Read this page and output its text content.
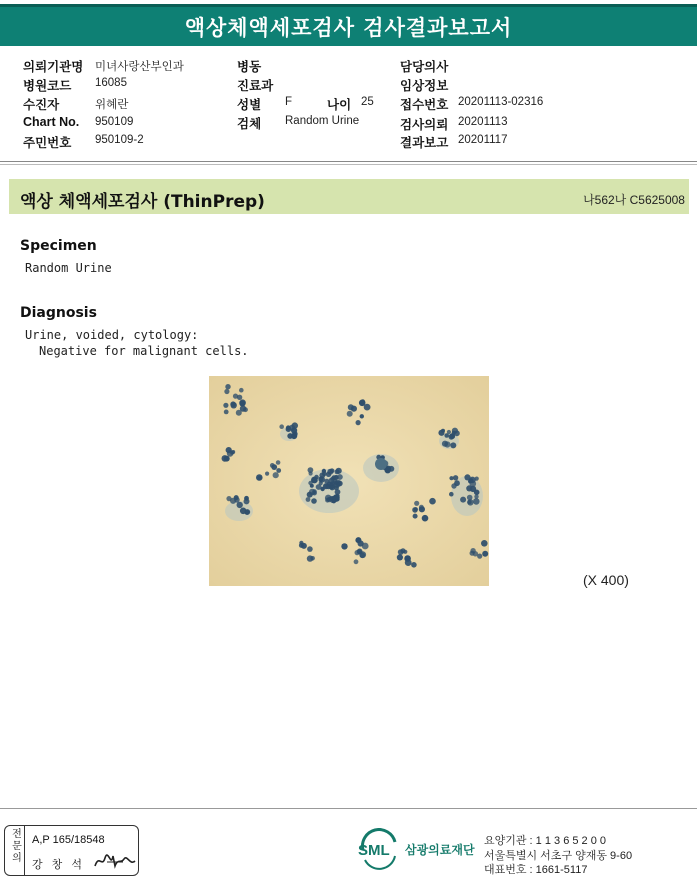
액상체액세포검사 검사결과보고서
의뢰기관명 미녀사랑산부인과
병원코드 16085
수진자	위혜란
Chart No. 950109
주민번호 950109-2
병동
진료과
성별 F	나이 25
검체 Random Urine
담당의사
임상정보
접수번호 20201113-02316
검사의뢰 20201113
결과보고 20201117
액상 체액세포검사 (ThinPrep)	나562나 C5625008
Specimen
Random Urine
Diagnosis
Urine, voided, cytology:
Negative for malignant cells.
(X 400)
전문의	A,P 165/18548
강 창 석
SML 삼광의료재단
요양기관 : 1 1 3 6 5 2 0 0
서울특별시 서초구 양재동 9-60
대표번호 : 1661-5117
